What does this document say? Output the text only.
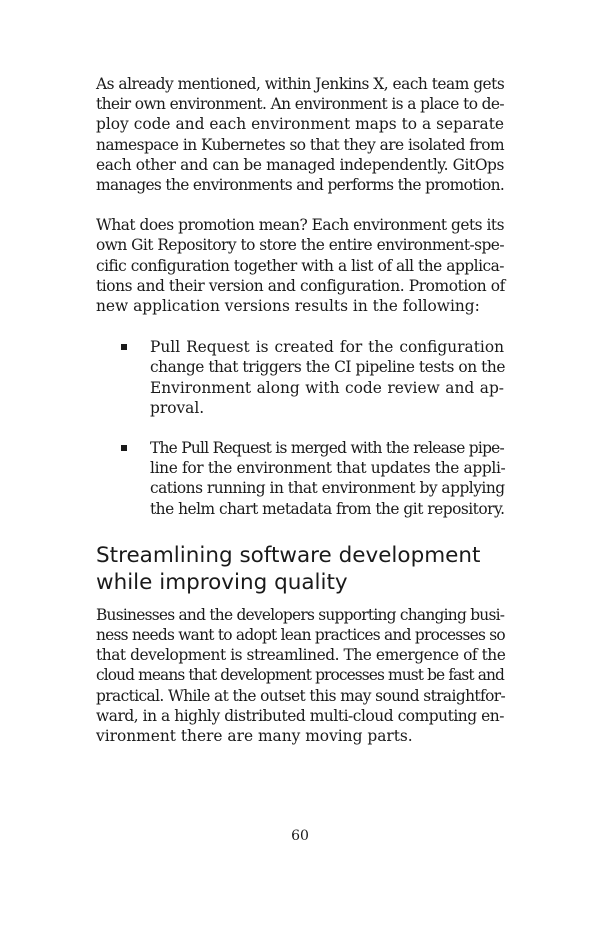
As already mentioned, within Jenkins X, each team gets
their own environment. An environment is a place to de-
ploy code and each environment maps to a separate
namespace in Kubernetes so that they are isolated from
each other and can be managed independently. GitOps
manages the environments and performs the promotion.

What does promotion mean? Each environment gets its
own Git Repository to store the entire environment-spe-
cific configuration together with a list of all the applica-
tions and their version and configuration. Promotion of
new application versions results in the following:

Pull Request is created for the configuration
change that triggers the CI pipeline tests on the
Environment along with code review and ap-
proval.
The Pull Request is merged with the release pipe-
line for the environment that updates the appli-
cations running in that environment by applying
the helm chart metadata from the git repository.
Streamlining software development
while improving quality

Businesses and the developers supporting changing busi-
ness needs want to adopt lean practices and processes so
that development is streamlined. The emergence of the
cloud means that development processes must be fast and
practical. While at the outset this may sound straightfor-
ward, in a highly distributed multi-cloud computing en-
vironment there are many moving parts.

60
